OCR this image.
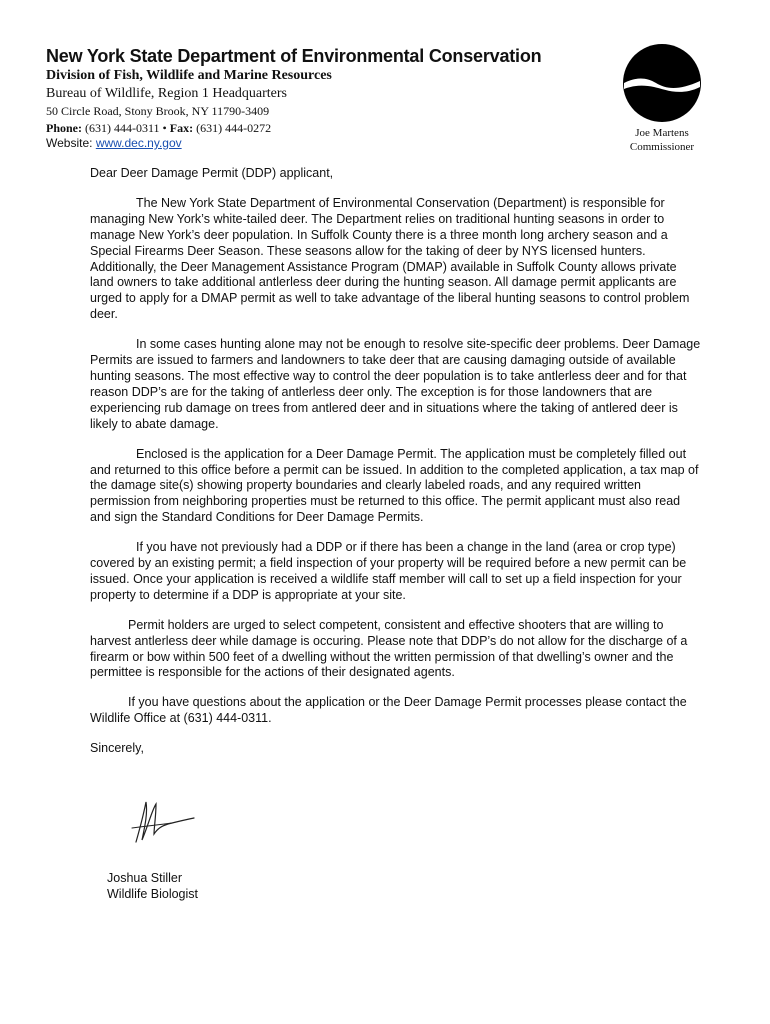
New York State Department of Environmental Conservation
Division of Fish, Wildlife and Marine Resources
Bureau of Wildlife, Region 1 Headquarters
50 Circle Road, Stony Brook, NY 11790-3409
Phone: (631) 444-0311 • Fax: (631) 444-0272
Website: www.dec.ny.gov
Joe Martens
Commissioner

Dear Deer Damage Permit (DDP) applicant,

The New York State Department of Environmental Conservation (Department) is responsible for managing New York’s white-tailed deer. The Department relies on traditional hunting seasons in order to manage New York’s deer population. In Suffolk County there is a three month long archery season and a Special Firearms Deer Season. These seasons allow for the taking of deer by NYS licensed hunters. Additionally, the Deer Management Assistance Program (DMAP) available in Suffolk County allows private land owners to take additional antlerless deer during the hunting season. All damage permit applicants are urged to apply for a DMAP permit as well to take advantage of the liberal hunting seasons to control problem deer.

In some cases hunting alone may not be enough to resolve site-specific deer problems. Deer Damage Permits are issued to farmers and landowners to take deer that are causing damaging outside of available hunting seasons. The most effective way to control the deer population is to take antlerless deer and for that reason DDP’s are for the taking of antlerless deer only. The exception is for those landowners that are experiencing rub damage on trees from antlered deer and in situations where the taking of antlered deer is likely to abate damage.

Enclosed is the application for a Deer Damage Permit. The application must be completely filled out and returned to this office before a permit can be issued. In addition to the completed application, a tax map of the damage site(s) showing property boundaries and clearly labeled roads, and any required written permission from neighboring properties must be returned to this office. The permit applicant must also read and sign the Standard Conditions for Deer Damage Permits.

If you have not previously had a DDP or if there has been a change in the land (area or crop type) covered by an existing permit; a field inspection of your property will be required before a new permit can be issued. Once your application is received a wildlife staff member will call to set up a field inspection for your property to determine if a DDP is appropriate at your site.

Permit holders are urged to select competent, consistent and effective shooters that are willing to harvest antlerless deer while damage is occuring. Please note that DDP’s do not allow for the discharge of a firearm or bow within 500 feet of a dwelling without the written permission of that dwelling’s owner and the permittee is responsible for the actions of their designated agents.

If you have questions about the application or the Deer Damage Permit processes please contact the Wildlife Office at (631) 444-0311.

Sincerely,

Joshua Stiller
Wildlife Biologist
